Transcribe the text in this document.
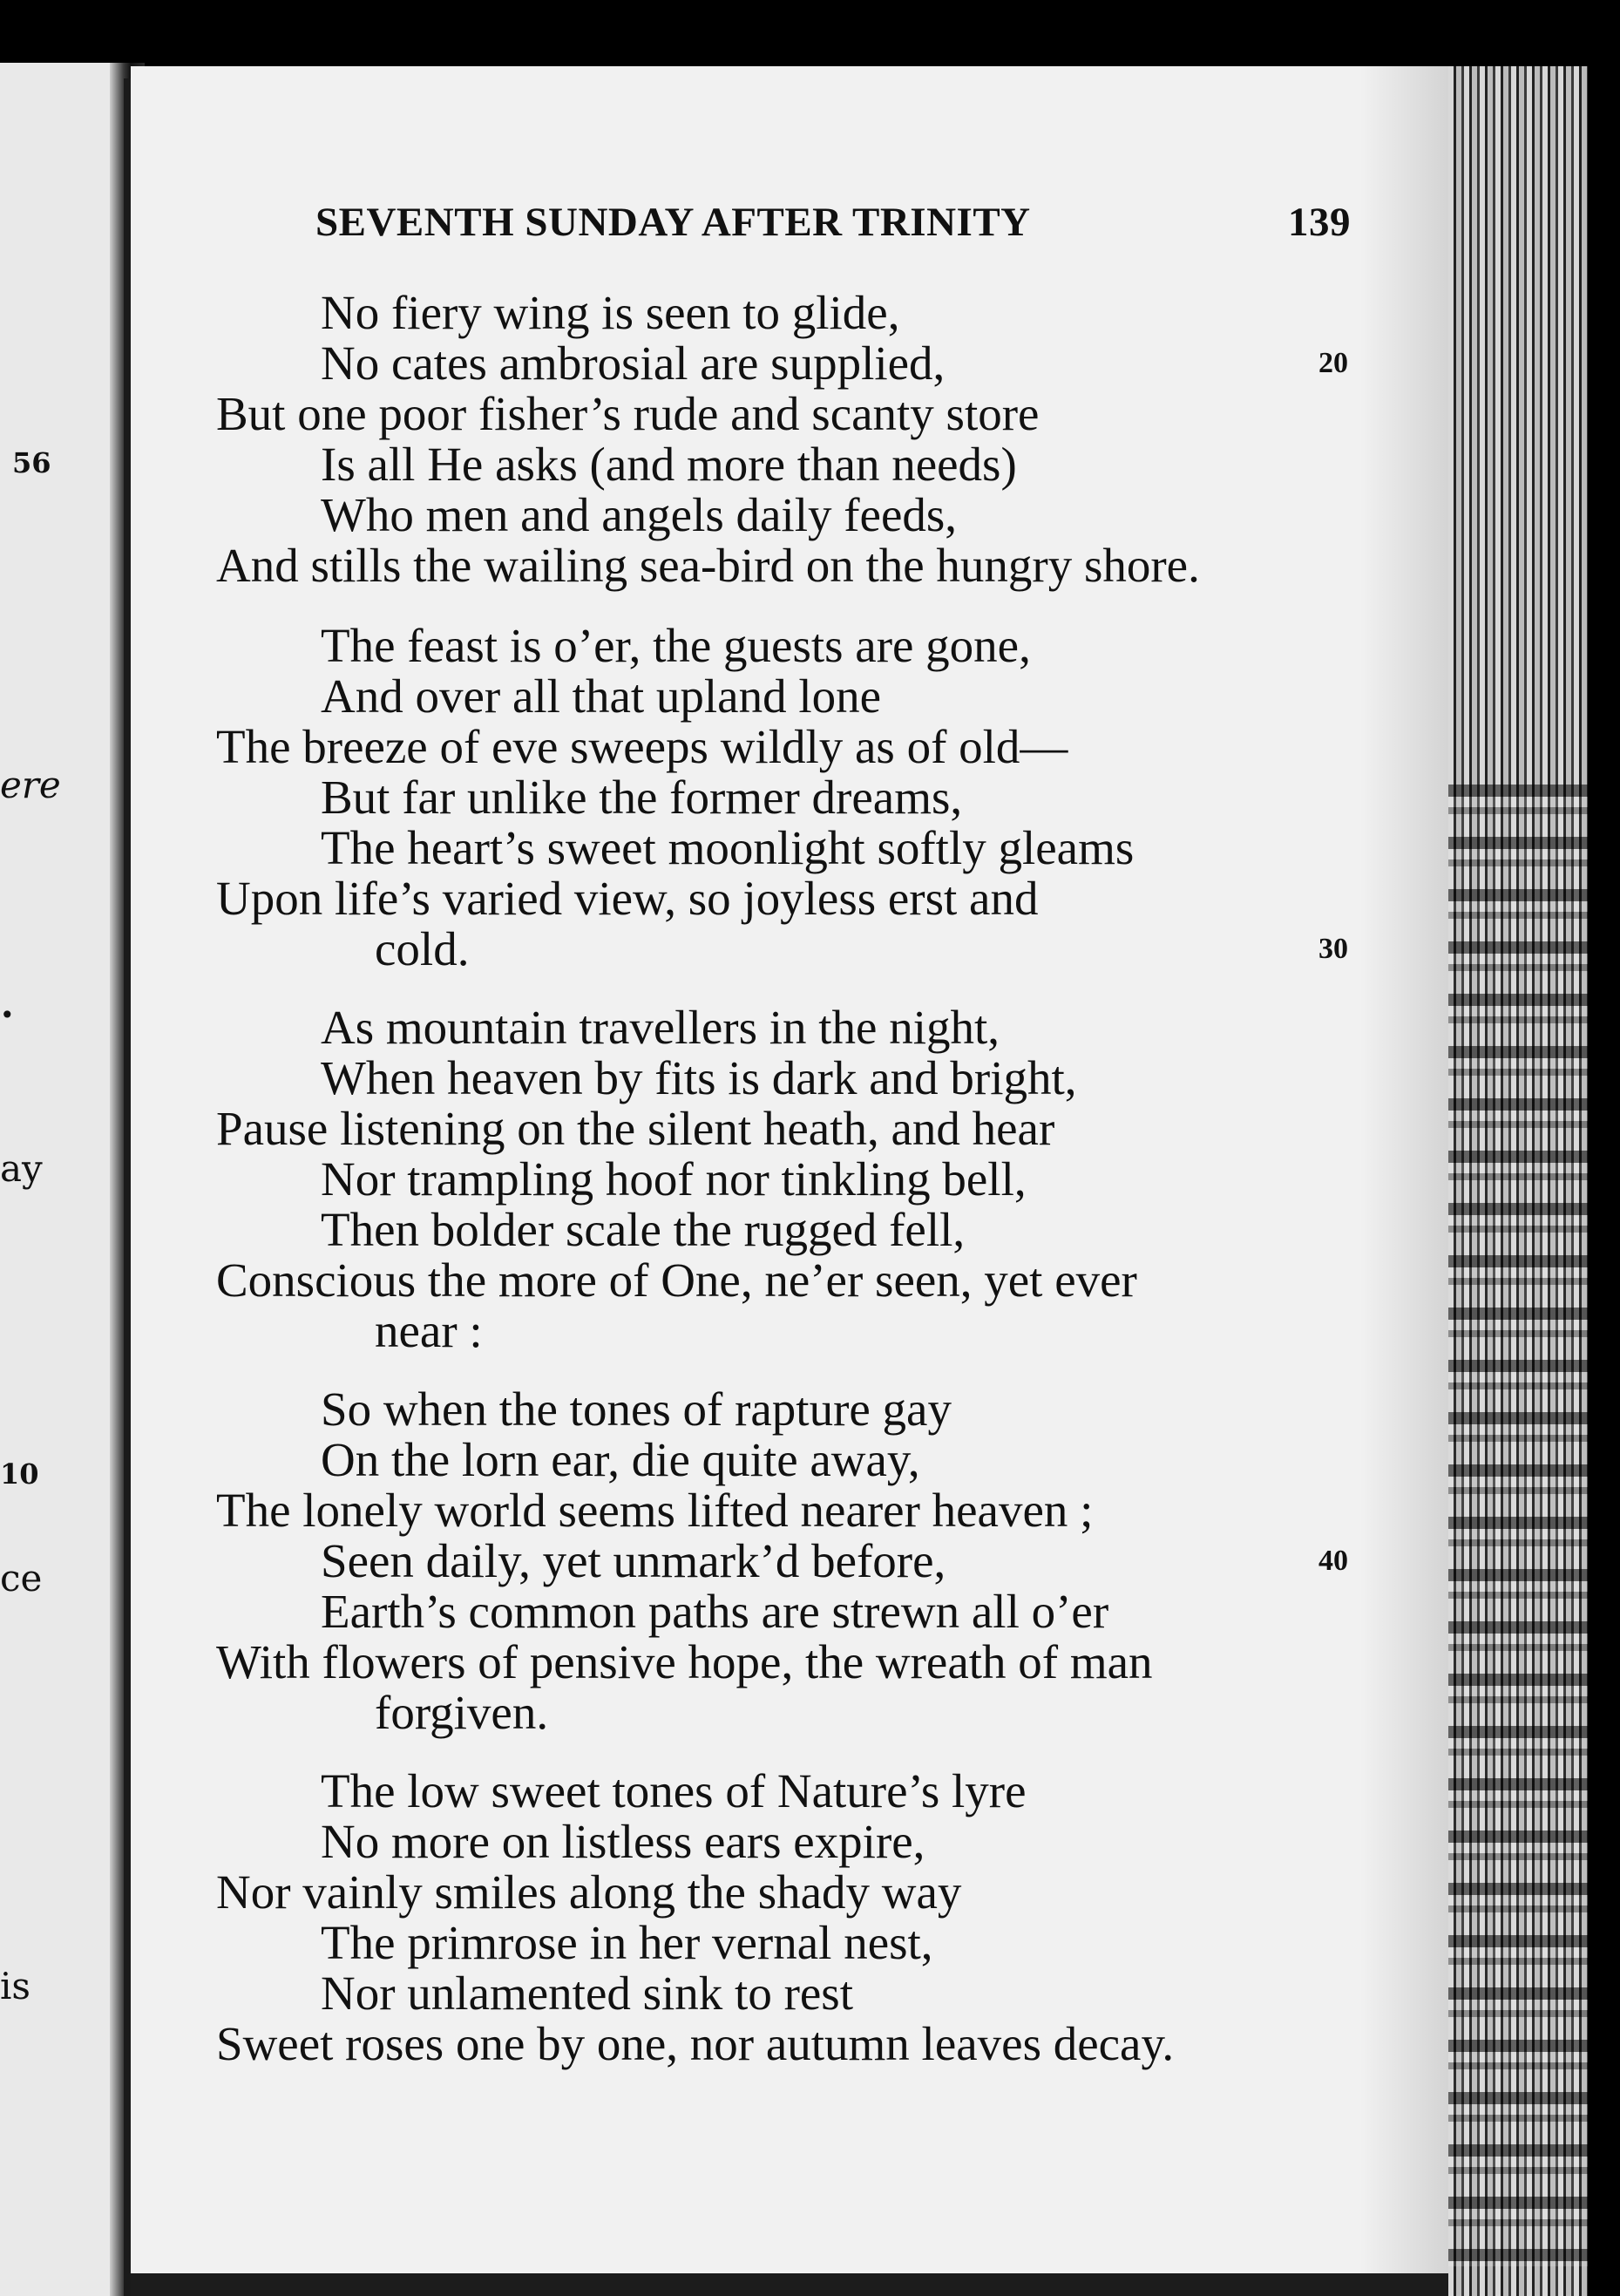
56
ere
•
ay
10
ce
is
SEVENTH SUNDAY AFTER TRINITY	139
No fiery wing is seen to glide,
No cates ambrosial are supplied,	20
But one poor fisher’s rude and scanty store
Is all He asks (and more than needs)
Who men and angels daily feeds,
And stills the wailing sea-bird on the hungry shore.
The feast is o’er, the guests are gone,
And over all that upland lone
The breeze of eve sweeps wildly as of old—
But far unlike the former dreams,
The heart’s sweet moonlight softly gleams
Upon life’s varied view, so joyless erst and
cold.	30
As mountain travellers in the night,
When heaven by fits is dark and bright,
Pause listening on the silent heath, and hear
Nor trampling hoof nor tinkling bell,
Then bolder scale the rugged fell,
Conscious the more of One, ne’er seen, yet ever
near :
So when the tones of rapture gay
On the lorn ear, die quite away,
The lonely world seems lifted nearer heaven ;
Seen daily, yet unmark’d before,	40
Earth’s common paths are strewn all o’er
With flowers of pensive hope, the wreath of man
forgiven.
The low sweet tones of Nature’s lyre
No more on listless ears expire,
Nor vainly smiles along the shady way
The primrose in her vernal nest,
Nor unlamented sink to rest
Sweet roses one by one, nor autumn leaves decay.
